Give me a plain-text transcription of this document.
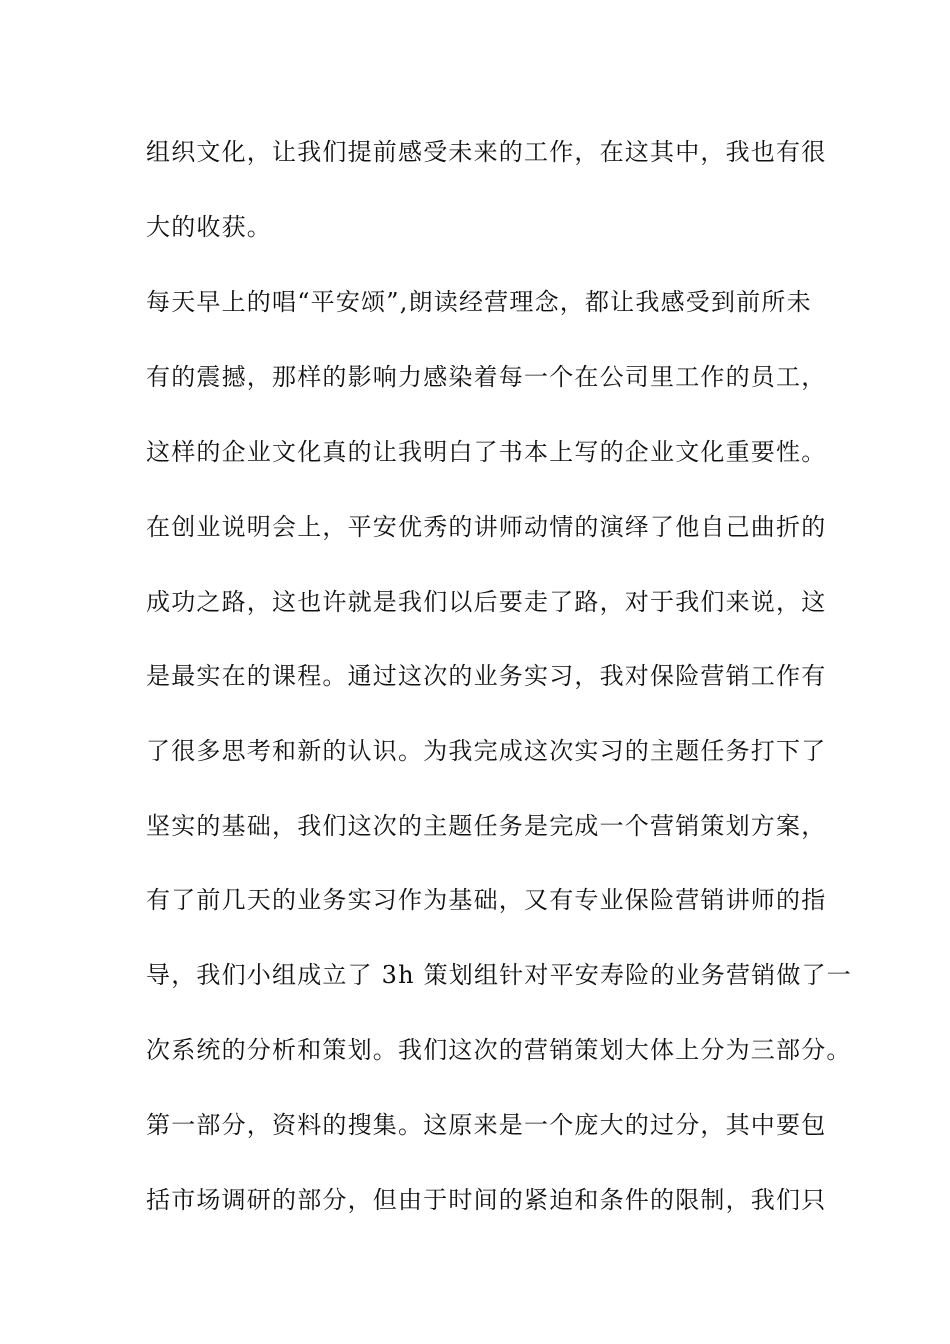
组织文化，让我们提前感受未来的工作，在这其中，我也有很

大的收获。

每天早上的唱“平安颂”,朗读经营理念，都让我感受到前所未

有的震撼，那样的影响力感染着每一个在公司里工作的员工，

这样的企业文化真的让我明白了书本上写的企业文化重要性。

在创业说明会上，平安优秀的讲师动情的演绎了他自己曲折的

成功之路，这也许就是我们以后要走了路，对于我们来说，这

是最实在的课程。通过这次的业务实习，我对保险营销工作有

了很多思考和新的认识。为我完成这次实习的主题任务打下了

坚实的基础，我们这次的主题任务是完成一个营销策划方案，

有了前几天的业务实习作为基础，又有专业保险营销讲师的指

导，我们小组成立了 3h 策划组针对平安寿险的业务营销做了一

次系统的分析和策划。我们这次的营销策划大体上分为三部分。

第一部分，资料的搜集。这原来是一个庞大的过分，其中要包

括市场调研的部分，但由于时间的紧迫和条件的限制，我们只
